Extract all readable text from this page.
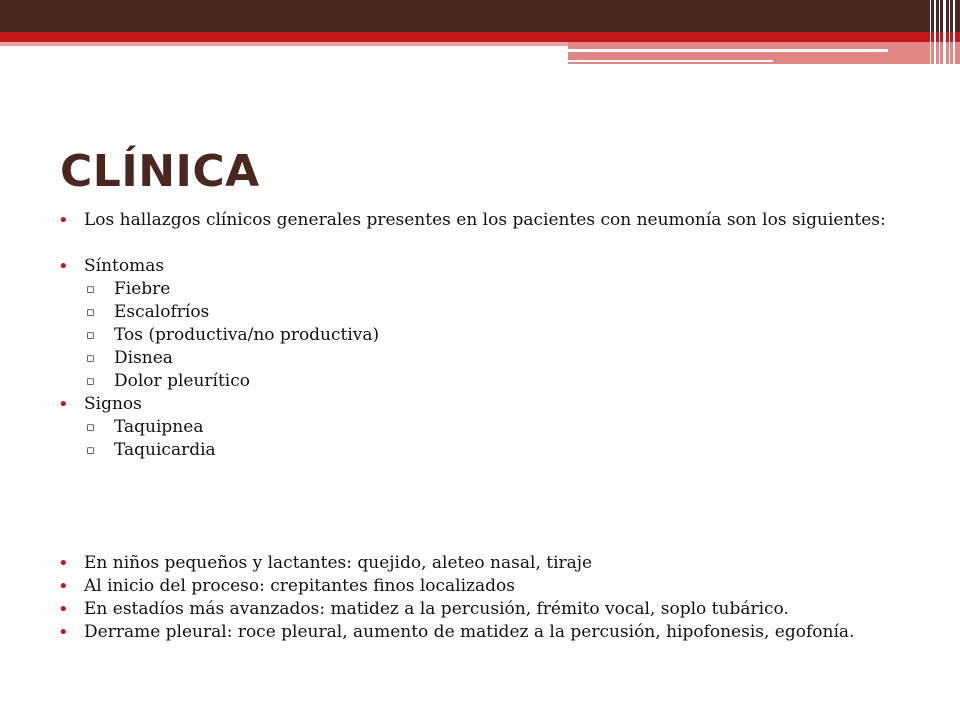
CLÍNICA
• Los hallazgos clínicos generales presentes en los pacientes con neumonía son los siguientes:
• Síntomas
▫ Fiebre
▫ Escalofríos
▫ Tos (productiva/no productiva)
▫ Disnea
▫ Dolor pleurítico
• Signos
▫ Taquipnea
▫ Taquicardia
• En niños pequeños y lactantes: quejido, aleteo nasal, tiraje
• Al inicio del proceso: crepitantes finos localizados
• En estadíos más avanzados: matidez a la percusión, frémito vocal, soplo tubárico.
• Derrame pleural: roce pleural, aumento de matidez a la percusión, hipofonesis, egofonía.
